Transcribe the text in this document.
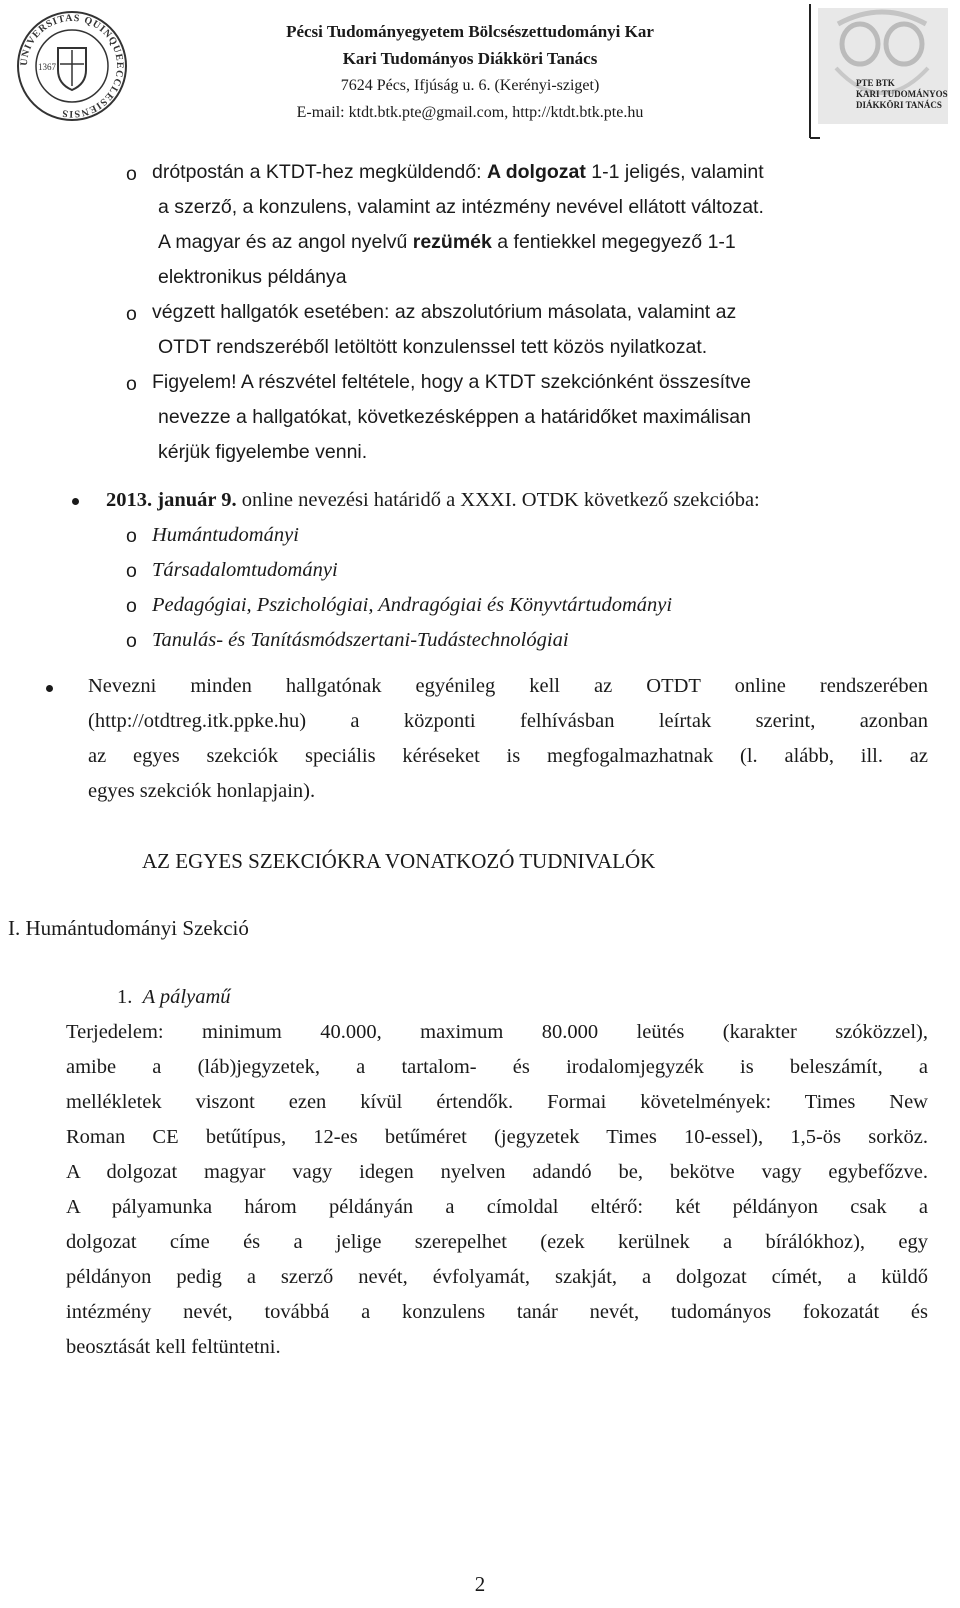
UNIVERSITAS QUINQUEECCLESIENSIS
1367
Pécsi Tudományegyetem Bölcsészettudományi Kar
Kari Tudományos Diákköri Tanács
7624 Pécs, Ifjúság u. 6. (Kerényi-sziget)
E-mail: ktdt.btk.pte@gmail.com, http://ktdt.btk.pte.hu
PTE BTK
KARI TUDOMÁNYOS
DIÁKKÖRI TANÁCS
o drótpostán a KTDT-hez megküldendő: A dolgozat 1-1 jeligés, valamint
a szerző, a konzulens, valamint az intézmény nevével ellátott változat.
A magyar és az angol nyelvű rezümék a fentiekkel megegyező 1-1
elektronikus példánya
o végzett hallgatók esetében: az abszolutórium másolata, valamint az
OTDT rendszeréből letöltött konzulenssel tett közös nyilatkozat.
o Figyelem! A részvétel feltétele, hogy a KTDT szekciónként összesítve
nevezze a hallgatókat, következésképpen a határidőket maximálisan
kérjük figyelembe venni.
2013. január 9. online nevezési határidő a XXXI. OTDK következő szekcióba:
o Humántudományi
o Társadalomtudományi
o Pedagógiai, Pszichológiai, Andragógiai és Könyvtártudományi
o Tanulás- és Tanításmódszertani-Tudástechnológiai
Nevezni minden hallgatónak egyénileg kell az OTDT online rendszerében
(http://otdtreg.itk.ppke.hu) a központi felhívásban leírtak szerint, azonban
az egyes szekciók speciális kéréseket is megfogalmazhatnak (l. alább, ill. az
egyes szekciók honlapjain).
AZ EGYES SZEKCIÓKRA VONATKOZÓ TUDNIVALÓK
I. Humántudományi Szekció
1. A pályamű
Terjedelem: minimum 40.000, maximum 80.000 leütés (karakter szóközzel),
amibe a (láb)jegyzetek, a tartalom- és irodalomjegyzék is beleszámít, a
mellékletek viszont ezen kívül értendők. Formai követelmények: Times New
Roman CE betűtípus, 12-es betűméret (jegyzetek Times 10-essel), 1,5-ös sorköz.
A dolgozat magyar vagy idegen nyelven adandó be, bekötve vagy egybefőzve.
A pályamunka három példányán a címoldal eltérő: két példányon csak a
dolgozat címe és a jelige szerepelhet (ezek kerülnek a bírálókhoz), egy
példányon pedig a szerző nevét, évfolyamát, szakját, a dolgozat címét, a küldő
intézmény nevét, továbbá a konzulens tanár nevét, tudományos fokozatát és
beosztását kell feltüntetni.
2
